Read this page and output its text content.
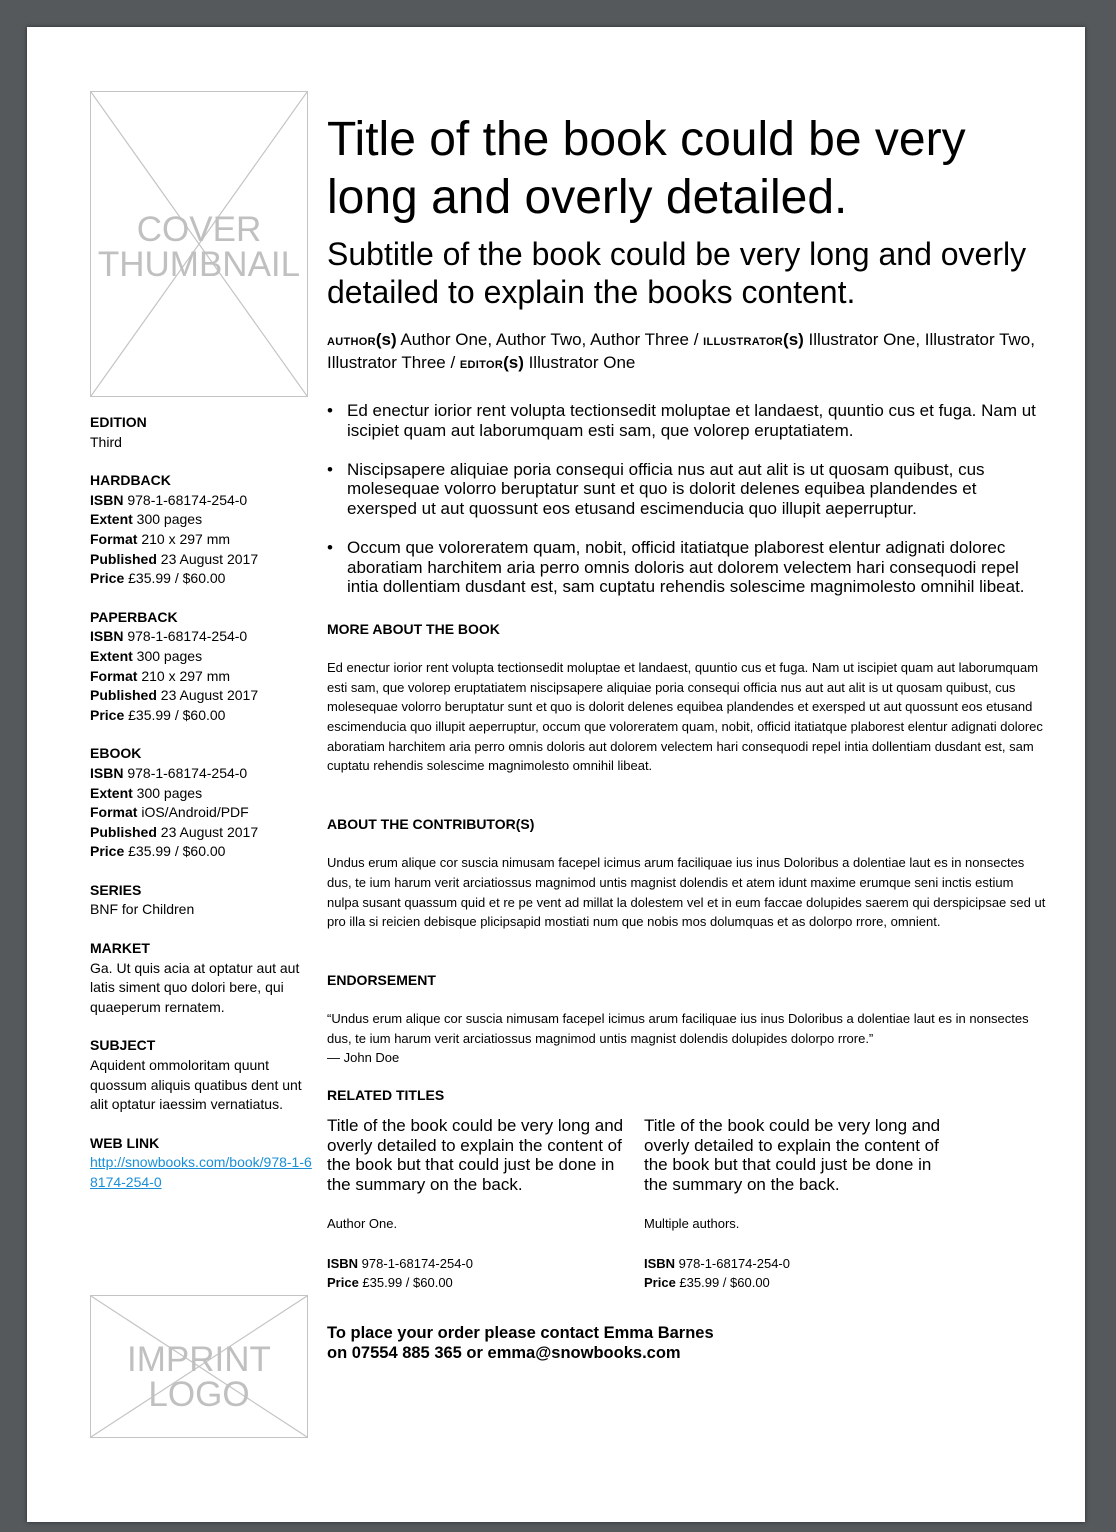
COVER
THUMBNAIL
EDITION
Third
HARDBACK
ISBN 978-1-68174-254-0
Extent 300 pages
Format 210 x 297 mm
Published 23 August 2017
Price £35.99 / $60.00
PAPERBACK
ISBN 978-1-68174-254-0
Extent 300 pages
Format 210 x 297 mm
Published 23 August 2017
Price £35.99 / $60.00
EBOOK
ISBN 978-1-68174-254-0
Extent 300 pages
Format iOS/Android/PDF
Published 23 August 2017
Price £35.99 / $60.00
SERIES
BNF for Children
MARKET
Ga. Ut quis acia at optatur aut aut latis siment quo dolori bere, qui quaeperum rernatem.
SUBJECT
Aquident ommoloritam quunt quossum aliquis quatibus dent unt alit optatur iaessim vernatiatus.
WEB LINK
http://snowbooks.com/book/978-1-68174-254-0
IMPRINT
LOGO
Title of the book could be very long and overly detailed.
Subtitle of the book could be very long and overly detailed to explain the books content.
AUTHOR(s) Author One, Author Two, Author Three / ILLUSTRATOR(s) Illustrator One, Illustrator Two, Illustrator Three / EDITOR(s) Illustrator One
• Ed enectur iorior rent volupta tectionsedit moluptae et landaest, quuntio cus et fuga. Nam ut iscipiet quam aut laborumquam esti sam, que volorep eruptatiatem.
• Niscipsapere aliquiae poria consequi officia nus aut aut alit is ut quosam quibust, cus molesequae volorro beruptatur sunt et quo is dolorit delenes equibea plandendes et exersped ut aut quossunt eos etusand escimenducia quo illupit aeperruptur.
• Occum que voloreratem quam, nobit, officid itatiatque plaborest elentur adignati dolorec aboratiam harchitem aria perro omnis doloris aut dolorem velectem hari consequodi repel intia dollentiam dusdant est, sam cuptatu rehendis solescime magnimolesto omnihil libeat.
MORE ABOUT THE BOOK

Ed enectur iorior rent volupta tectionsedit moluptae et landaest, quuntio cus et fuga. Nam ut iscipiet quam aut laborumquam esti sam, que volorep eruptatiatem niscipsapere aliquiae poria consequi officia nus aut aut alit is ut quosam quibust, cus molesequae volorro beruptatur sunt et quo is dolorit delenes equibea plandendes et exersped ut aut quossunt eos etusand escimenducia quo illupit aeperruptur, occum que voloreratem quam, nobit, officid itatiatque plaborest elentur adignati dolorec aboratiam harchitem aria perro omnis doloris aut dolorem velectem hari consequodi repel intia dollentiam dusdant est, sam cuptatu rehendis solescime magnimolesto omnihil libeat.

ABOUT THE CONTRIBUTOR(S)

Undus erum alique cor suscia nimusam facepel icimus arum faciliquae ius inus Doloribus a dolentiae laut es in nonsectes dus, te ium harum verit arciatiossus magnimod untis magnist dolendis et atem idunt maxime erumque seni inctis estium nulpa susant quassum quid et re pe vent ad millat la dolestem vel et in eum faccae dolupides saerem qui derspicipsae sed ut pro illa si reicien debisque plicipsapid mostiati num que nobis mos dolumquas et as dolorpo rrore, omnient.

ENDORSEMENT

“Undus erum alique cor suscia nimusam facepel icimus arum faciliquae ius inus Doloribus a dolentiae laut es in nonsectes dus, te ium harum verit arciatiossus magnimod untis magnist dolendis dolupides dolorpo rrore.”

— John Doe

RELATED TITLES
Title of the book could be very long and overly detailed to explain the content of the book but that could just be done in the summary on the back.
Author One.
ISBN 978-1-68174-254-0
Price £35.99 / $60.00
Title of the book could be very long and overly detailed to explain the content of the book but that could just be done in the summary on the back.
Multiple authors.
ISBN 978-1-68174-254-0
Price £35.99 / $60.00
To place your order please contact Emma Barnes
on 07554 885 365 or emma@snowbooks.com
